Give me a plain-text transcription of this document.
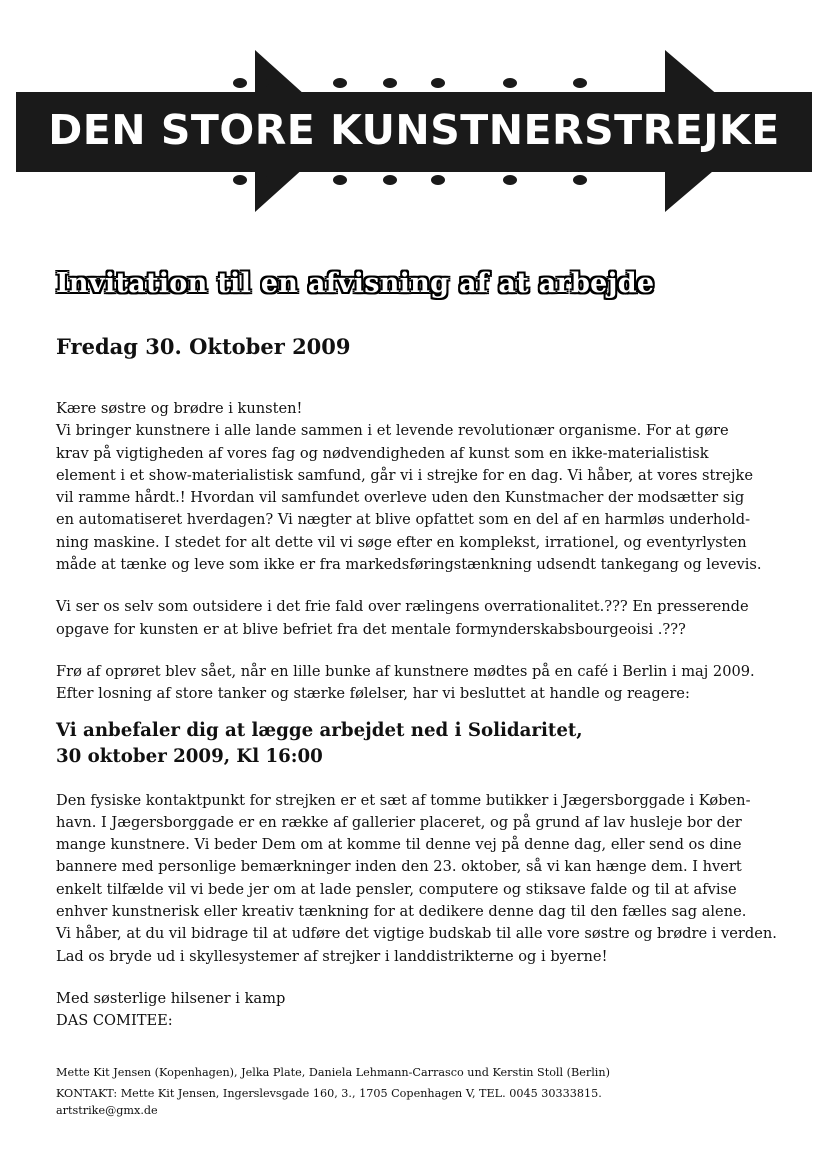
DEN STORE KUNSTNERSTREJKE
Invitation til en afvisning af at arbejde
Fredag 30. Oktober 2009

Kære søstre og brødre i kunsten!

Vi bringer kunstnere i alle lande sammen i et levende revolutionær organisme. For at gøre

krav på vigtigheden af vores fag og nødvendigheden af kunst som en ikke-materialistisk

element i et show-materialistisk samfund, går vi i strejke for en dag. Vi håber, at vores strejke

vil ramme hårdt.! Hvordan vil samfundet overleve uden den Kunstmacher der modsætter sig

en automatiseret hverdagen? Vi nægter at blive opfattet som en del af en harmløs underhold-

ning maskine. I stedet for alt dette vil vi søge efter en komplekst, irrationel, og eventyrlysten

måde at tænke og leve som ikke er fra markedsføringstænkning udsendt tankegang og levevis.

Vi ser os selv som outsidere i det frie fald over rælingens overrationalitet.??? En presserende

opgave for kunsten er at blive befriet fra det mentale formynderskabsbourgeoisi .???

Frø af oprøret blev sået, når en lille bunke af kunstnere mødtes på en café i Berlin i maj 2009.

Efter losning af store tanker og stærke følelser, har vi besluttet at handle og reagere:

Vi anbefaler dig at lægge arbejdet ned i Solidaritet,

30 oktober 2009, Kl 16:00

Den fysiske kontaktpunkt for strejken er et sæt af tomme butikker i Jægersborggade i Køben-

havn. I Jægersborggade er en række af gallerier placeret, og på grund af lav husleje bor der

mange kunstnere. Vi beder Dem om at komme til denne vej på denne dag, eller send os dine

bannere med personlige bemærkninger inden den 23. oktober, så vi kan hænge dem. I hvert

enkelt tilfælde vil vi bede jer om at lade pensler, computere og stiksave falde og til at afvise

enhver kunstnerisk eller kreativ tænkning for at dedikere denne dag til den fælles sag alene.

Vi håber, at du vil bidrage til at udføre det vigtige budskab til alle vore søstre og brødre i verden.

Lad os bryde ud i skyllesystemer af strejker i landdistrikterne og i byerne!

Med søsterlige hilsener i kamp

DAS COMITEE:

Mette Kit Jensen (Kopenhagen), Jelka Plate, Daniela Lehmann-Carrasco und Kerstin Stoll (Berlin)

KONTAKT: Mette Kit Jensen, Ingerslevsgade 160, 3., 1705 Copenhagen V, TEL. 0045 30333815.

artstrike@gmx.de
